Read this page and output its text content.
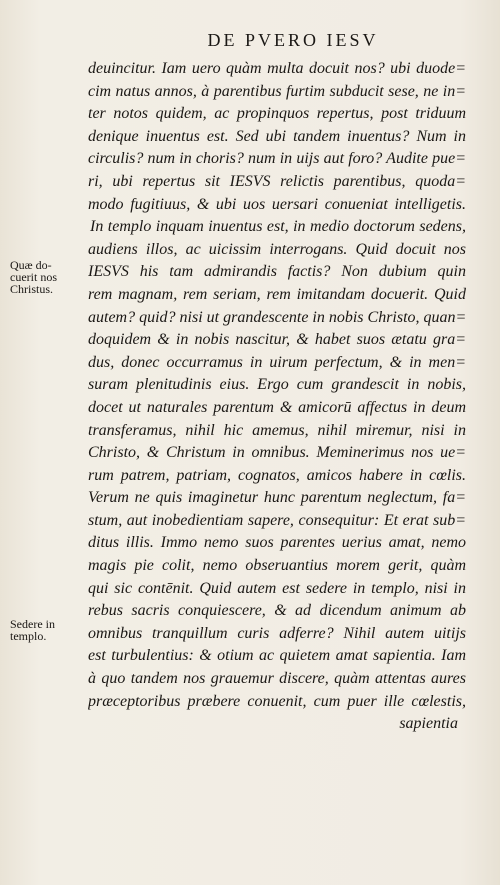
DE PVERO IESV
Quæ do-
cuerit nos
Christus.
Sedere in
templo.
deuincitur. Iam uero quàm multa docuit nos? ubi duode=
cim natus annos, à parentibus furtim subducit sese, ne in=
ter notos quidem, ac propinquos repertus, post triduum
denique inuentus est. Sed ubi tandem inuentus? Num in
circulis? num in choris? num in uijs aut foro? Audite pue=
ri, ubi repertus sit IESVS relictis parentibus, quoda=
modo fugitiuus, & ubi uos uersari conueniat intelligetis.
In templo inquam inuentus est, in medio doctorum sedens,
audiens illos, ac uicissim interrogans. Quid docuit nos
IESVS his tam admirandis factis? Non dubium quin
rem magnam, rem seriam, rem imitandam docuerit. Quid
autem? quid? nisi ut grandescente in nobis Christo, quan=
doquidem & in nobis nascitur, & habet suos ætatu gra=
dus, donec occurramus in uirum perfectum, & in men=
suram plenitudinis eius. Ergo cum grandescit in nobis,
docet ut naturales parentum & amicorū affectus in deum
transferamus, nihil hic amemus, nihil miremur, nisi in
Christo, & Christum in omnibus. Meminerimus nos ue=
rum patrem, patriam, cognatos, amicos habere in cœlis.
Verum ne quis imaginetur hunc parentum neglectum, fa=
stum, aut inobedientiam sapere, consequitur: Et erat sub=
ditus illis. Immo nemo suos parentes uerius amat, nemo
magis pie colit, nemo obseruantius morem gerit, quàm
qui sic contēnit. Quid autem est sedere in templo, nisi in
rebus sacris conquiescere, & ad dicendum animum ab
omnibus tranquillum curis adferre? Nihil autem uitijs
est turbulentius: & otium ac quietem amat sapientia. Iam
à quo tandem nos grauemur discere, quàm attentas aures
præceptoribus præbere conuenit, cum puer ille cœlestis,
sapientia
